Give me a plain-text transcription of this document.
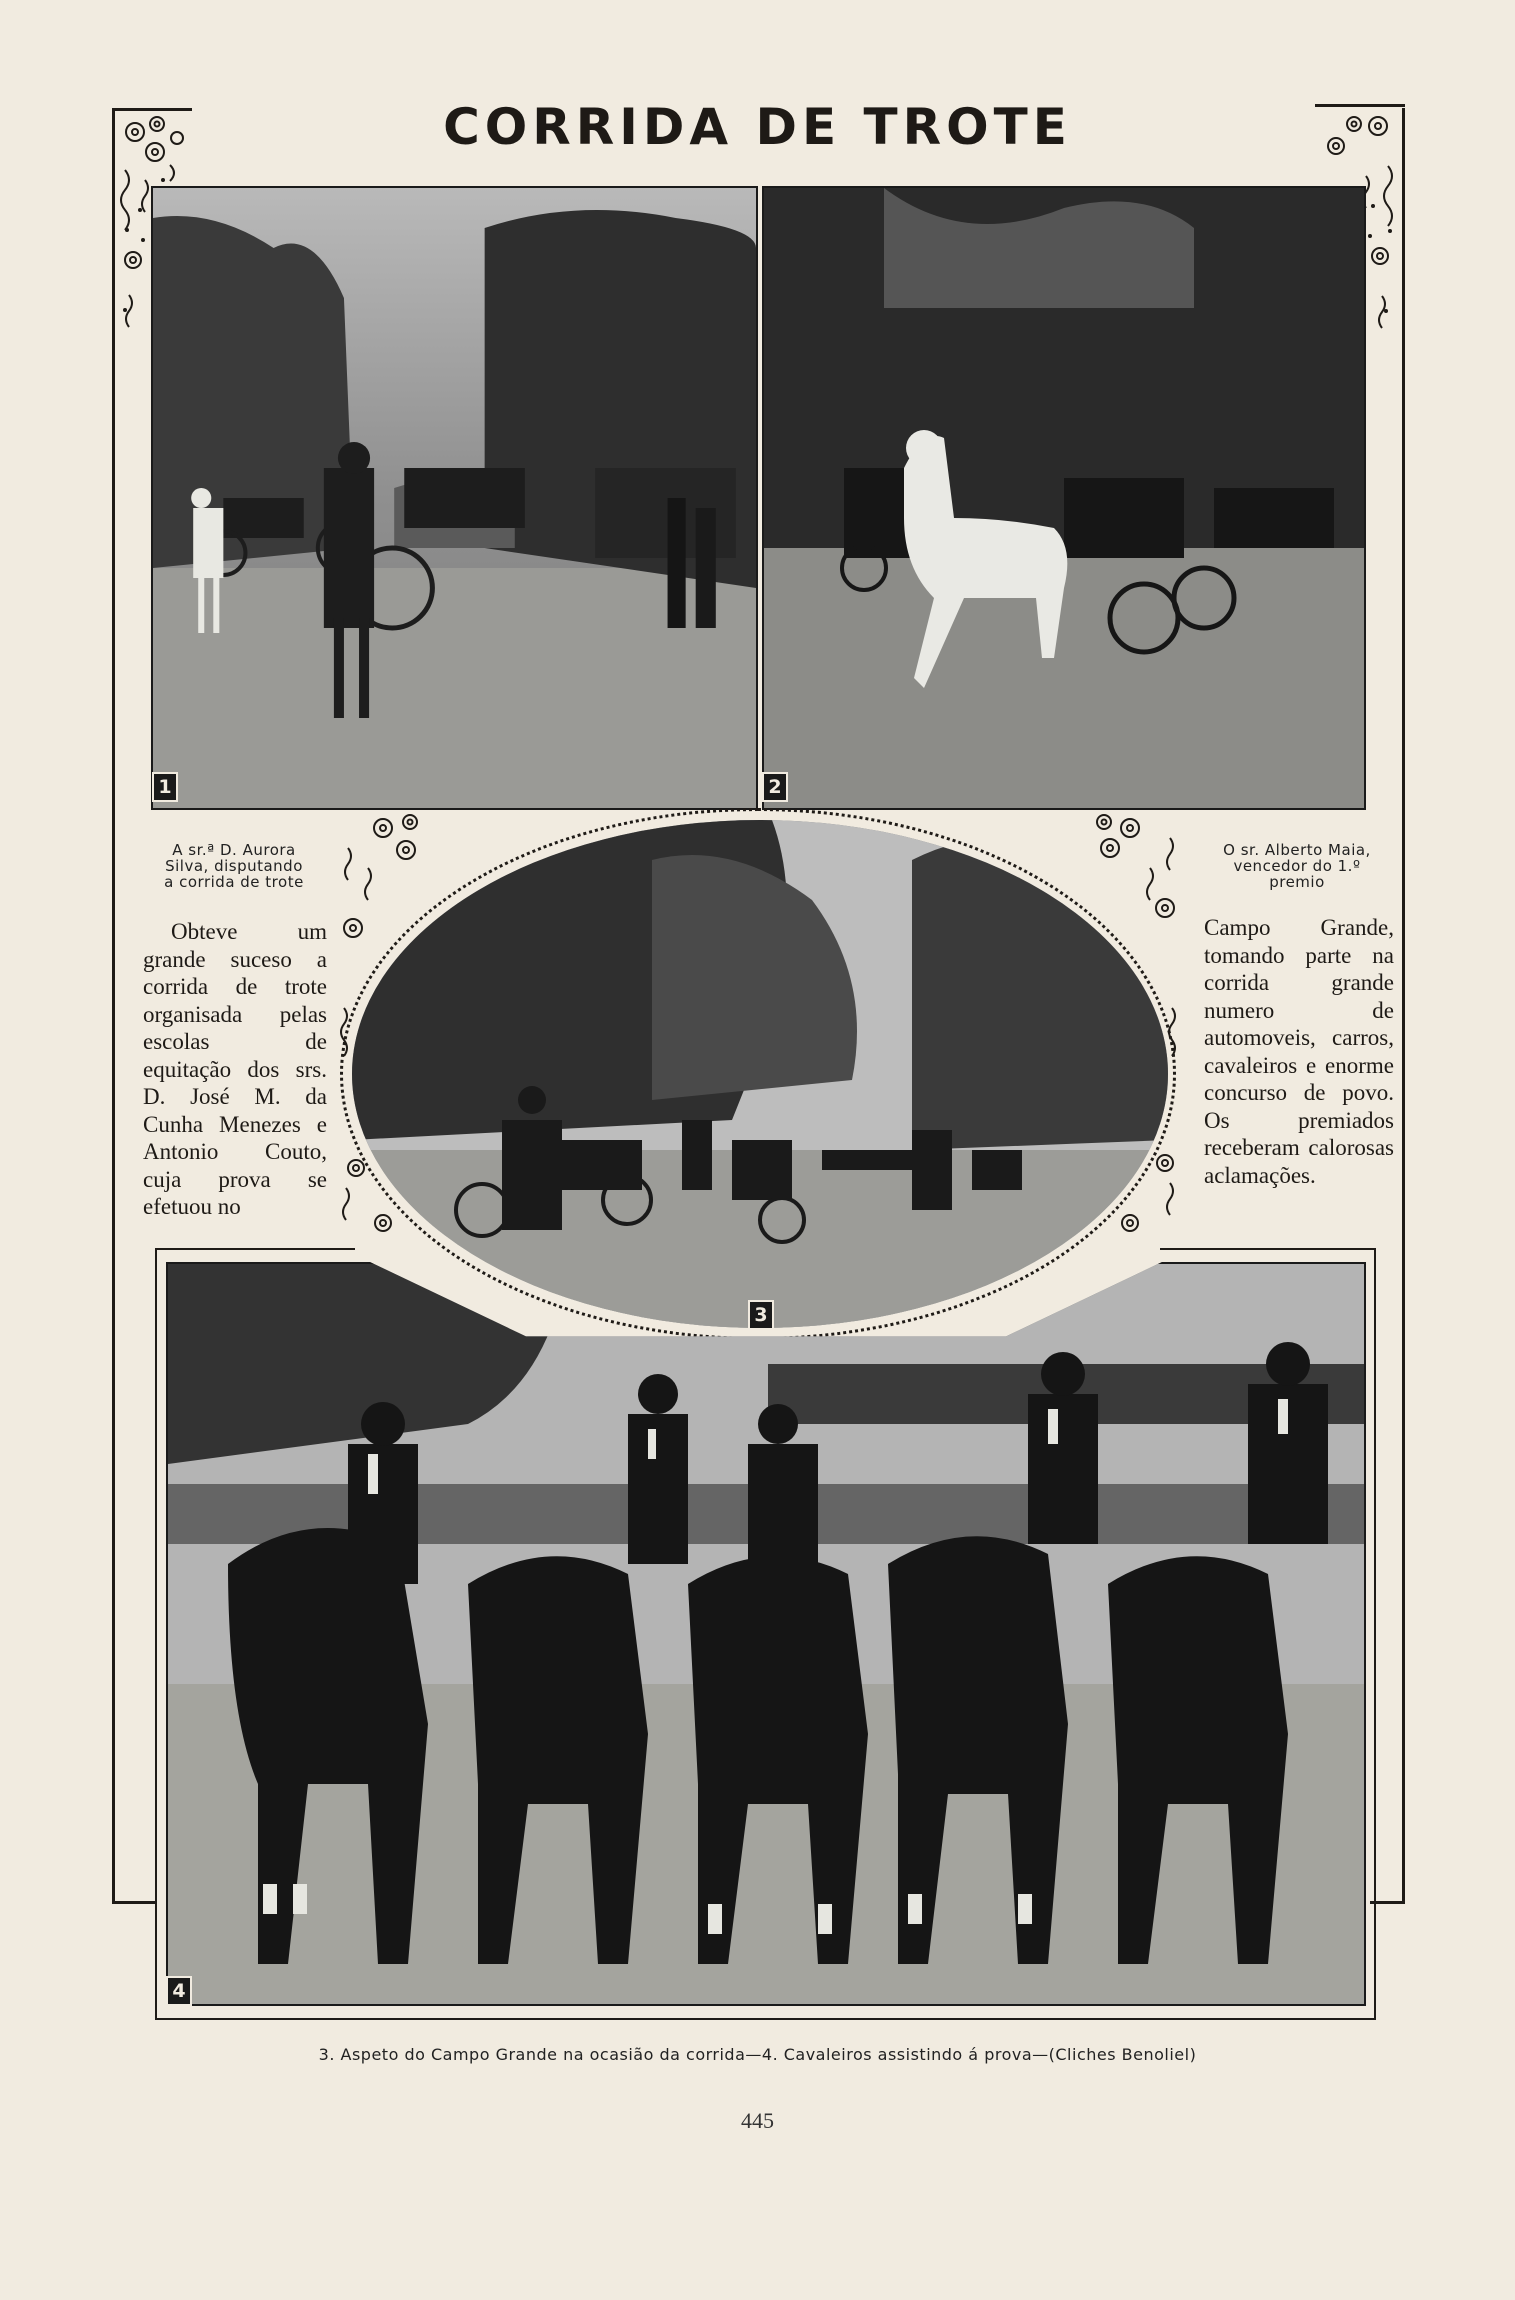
CORRIDA DE TROTE
1	2
3
A sr.ª D. Aurora
Silva, disputando
a corrida de trote

Obteve um grande suceso a corrida de trote organisada pelas escolas de equitação dos srs. D. José M. da Cunha Menezes e Antonio Couto, cuja prova se efetuou no

O sr. Alberto Maia,
vencedor do 1.º
premio

Campo Grande, tomando parte na corrida grande numero de automoveis, carros, cavaleiros e enorme concurso de povo. Os premiados receberam calorosas aclamações.

4
3. Aspeto do Campo Grande na ocasião da corrida—4. Cavaleiros assistindo á prova—(Cliches Benoliel)
445
